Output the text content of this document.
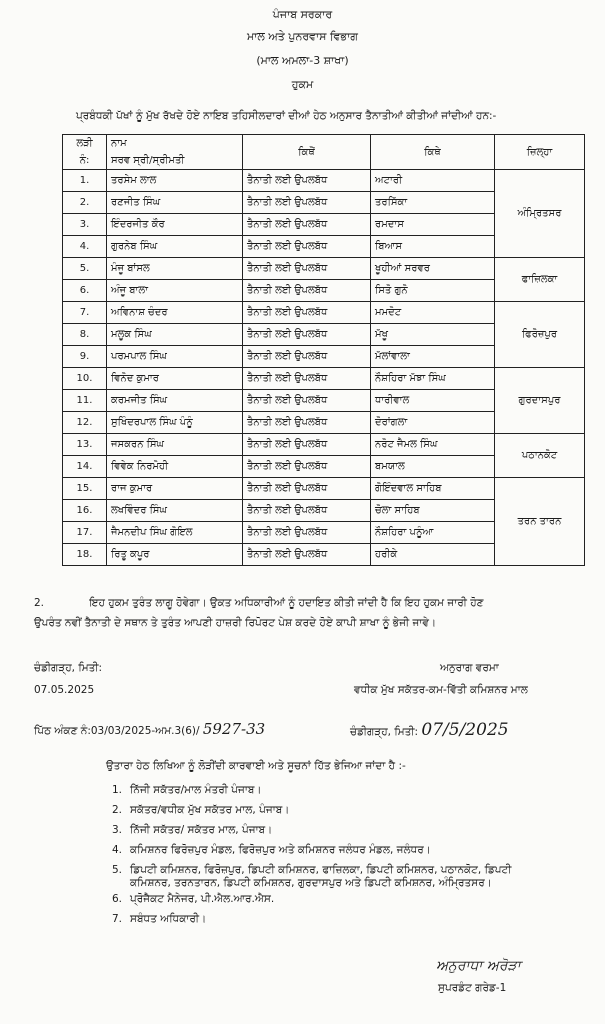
ਪੰਜਾਬ ਸਰਕਾਰ
ਮਾਲ ਅਤੇ ਪੁਨਰਵਾਸ ਵਿਭਾਗ
(ਮਾਲ ਅਮਲਾ-3 ਸ਼ਾਖਾ)
ਹੁਕਮ
ਪ੍ਰਬੰਧਕੀ ਪੱਖਾਂ ਨੂੰ ਮੁੱਖ ਰੱਖਦੇ ਹੋਏ ਨਾਇਬ ਤਹਿਸੀਲਦਾਰਾਂ ਦੀਆਂ ਹੇਠ ਅਨੁਸਾਰ ਤੈਨਾਤੀਆਂ ਕੀਤੀਆਂ ਜਾਂਦੀਆਂ ਹਨ:-
ਲੜੀ	ਨਾਮ	ਕਿਥੋਂ	ਕਿਥੇ	ਜ਼ਿਲ੍ਹਾ
ਨੰ:	ਸਰਵ ਸ੍ਰੀ/ਸ੍ਰੀਮਤੀ			
1.	ਤਰਸੇਮ ਲਾਲ	ਤੈਨਾਤੀ ਲਈ ਉਪਲਬੱਧ	ਅਟਾਰੀ	ਅੰਮ੍ਰਿਤਸਰ
2.	ਰਣਜੀਤ ਸਿੰਘ	ਤੈਨਾਤੀ ਲਈ ਉਪਲਬੱਧ	ਤਰਸਿੱਕਾ	
3.	ਇੰਦਰਜੀਤ ਕੌਰ	ਤੈਨਾਤੀ ਲਈ ਉਪਲਬੱਧ	ਰਮਦਾਸ	
4.	ਗੁਰਨੇਬ ਸਿੰਘ	ਤੈਨਾਤੀ ਲਈ ਉਪਲਬੱਧ	ਬਿਆਸ	
5.	ਮੰਜੂ ਬਾਂਸਲ	ਤੈਨਾਤੀ ਲਈ ਉਪਲਬੱਧ	ਖੂਹੀਆਂ ਸਰਵਰ	ਫਾਜ਼ਿਲਕਾ
6.	ਅੰਜੂ ਬਾਲਾ	ਤੈਨਾਤੀ ਲਈ ਉਪਲਬੱਧ	ਸਿਤੋ ਗੁਨੋ	
7.	ਅਵਿਨਾਸ਼ ਚੰਦਰ	ਤੈਨਾਤੀ ਲਈ ਉਪਲਬੱਧ	ਮਮਦੋਟ	ਫਿਰੋਜ਼ਪੁਰ
8.	ਮਲੂਕ ਸਿੰਘ	ਤੈਨਾਤੀ ਲਈ ਉਪਲਬੱਧ	ਮੱਖੂ	
9.	ਪਰਮਪਾਲ ਸਿੰਘ	ਤੈਨਾਤੀ ਲਈ ਉਪਲਬੱਧ	ਮੱਲਾਂਵਾਲਾ	
10.	ਵਿਨੋਦ ਕੁਮਾਰ	ਤੈਨਾਤੀ ਲਈ ਉਪਲਬੱਧ	ਨੌਸ਼ਹਿਰਾ ਮੱਝਾ ਸਿੰਘ	ਗੁਰਦਾਸਪੁਰ
11.	ਕਰਮਜੀਤ ਸਿੰਘ	ਤੈਨਾਤੀ ਲਈ ਉਪਲਬੱਧ	ਧਾਰੀਵਾਲ	
12.	ਸੁਖਿੰਦਰਪਾਲ ਸਿੰਘ ਪੰਨੂੰ	ਤੈਨਾਤੀ ਲਈ ਉਪਲਬੱਧ	ਦੋਰਾਂਗਲਾ	
13.	ਜਸਕਰਨ ਸਿੰਘ	ਤੈਨਾਤੀ ਲਈ ਉਪਲਬੱਧ	ਨਰੋਟ ਜੈਮਲ ਸਿੰਘ	ਪਠਾਨਕੋਟ
14.	ਵਿਵੇਕ ਨਿਰਮੋਹੀ	ਤੈਨਾਤੀ ਲਈ ਉਪਲਬੱਧ	ਬਮਯਾਲ	
15.	ਰਾਜ ਕੁਮਾਰ	ਤੈਨਾਤੀ ਲਈ ਉਪਲਬੱਧ	ਗੋਇੰਦਵਾਲ ਸਾਹਿਬ	ਤਰਨ ਤਾਰਨ
16.	ਲਖਵਿੰਦਰ ਸਿੰਘ	ਤੈਨਾਤੀ ਲਈ ਉਪਲਬੱਧ	ਚੋਲਾ ਸਾਹਿਬ	
17.	ਜੈਮਨਦੀਪ ਸਿੰਘ ਗੋਇਲ	ਤੈਨਾਤੀ ਲਈ ਉਪਲਬੱਧ	ਨੌਸ਼ਹਿਰਾ ਪਨੂੰਆ	
18.	ਰਿਤੂ ਕਪੂਰ	ਤੈਨਾਤੀ ਲਈ ਉਪਲਬੱਧ	ਹਰੀਕੇ	
2.	ਇਹ ਹੁਕਮ ਤੁਰੰਤ ਲਾਗੂ ਹੋਵੇਗਾ। ਉਕਤ ਅਧਿਕਾਰੀਆਂ ਨੂੰ ਹਦਾਇਤ ਕੀਤੀ ਜਾਂਦੀ ਹੈ ਕਿ ਇਹ ਹੁਕਮ ਜਾਰੀ ਹੋਣ
ਉਪਰੰਤ ਨਵੀਂ ਤੈਨਾਤੀ ਦੇ ਸਥਾਨ ਤੇ ਤੁਰੰਤ ਆਪਣੀ ਹਾਜ਼ਰੀ ਰਿਪੋਰਟ ਪੇਸ਼ ਕਰਦੇ ਹੋਏ ਕਾਪੀ ਸ਼ਾਖਾ ਨੂੰ ਭੇਜੀ ਜਾਵੇ।
ਚੰਡੀਗੜ੍ਹ, ਮਿਤੀ:
07.05.2025
ਅਨੁਰਾਗ ਵਰਮਾ
ਵਧੀਕ ਮੁੱਖ ਸਕੱਤਰ-ਕਮ-ਵਿੱਤੀ ਕਮਿਸ਼ਨਰ ਮਾਲ
ਪਿੱਠ ਅੰਕਣ ਨੰ:03/03/2025-ਅਮ.3(6)/ 5927-33	ਚੰਡੀਗੜ੍ਹ, ਮਿਤੀ: 07/5/2025
ਉਤਾਰਾ ਹੇਠ ਲਿਖਿਆ ਨੂੰ ਲੋੜੀਂਦੀ ਕਾਰਵਾਈ ਅਤੇ ਸੂਚਨਾਂ ਹਿੱਤ ਭੇਜਿਆ ਜਾਂਦਾ ਹੈ :-
1. ਨਿੱਜੀ ਸਕੱਤਰ/ਮਾਲ ਮੰਤਰੀ ਪੰਜਾਬ।
2. ਸਕੱਤਰ/ਵਧੀਕ ਮੁੱਖ ਸਕੱਤਰ ਮਾਲ, ਪੰਜਾਬ।
3. ਨਿੱਜੀ ਸਕੱਤਰ/ ਸਕੱਤਰ ਮਾਲ, ਪੰਜਾਬ।
4. ਕਮਿਸ਼ਨਰ ਫਿਰੋਜ਼ਪੁਰ ਮੰਡਲ, ਫਿਰੋਜ਼ਪੁਰ ਅਤੇ ਕਮਿਸ਼ਨਰ ਜਲੰਧਰ ਮੰਡਲ, ਜਲੰਧਰ।
5. ਡਿਪਟੀ ਕਮਿਸ਼ਨਰ, ਫਿਰੋਜ਼ਪੁਰ, ਡਿਪਟੀ ਕਮਿਸ਼ਨਰ, ਫਾਜ਼ਿਲਕਾ, ਡਿਪਟੀ ਕਮਿਸ਼ਨਰ, ਪਠਾਨਕੋਟ, ਡਿਪਟੀ
ਕਮਿਸ਼ਨਰ, ਤਰਨਤਾਰਨ, ਡਿਪਟੀ ਕਮਿਸ਼ਨਰ, ਗੁਰਦਾਸਪੁਰ ਅਤੇ ਡਿਪਟੀ ਕਮਿਸ਼ਨਰ, ਅੰਮ੍ਰਿਤਸਰ।
6. ਪ੍ਰੋਜੈਕਟ ਮੈਨੇਜਰ, ਪੀ.ਐਲ.ਆਰ.ਐਸ.
7. ਸਬੰਧਤ ਅਧਿਕਾਰੀ।
ਅਨੁਰਾਧਾ ਅਰੋੜਾ
ਸੁਪਰਡੰਟ ਗਰੇਡ-1
